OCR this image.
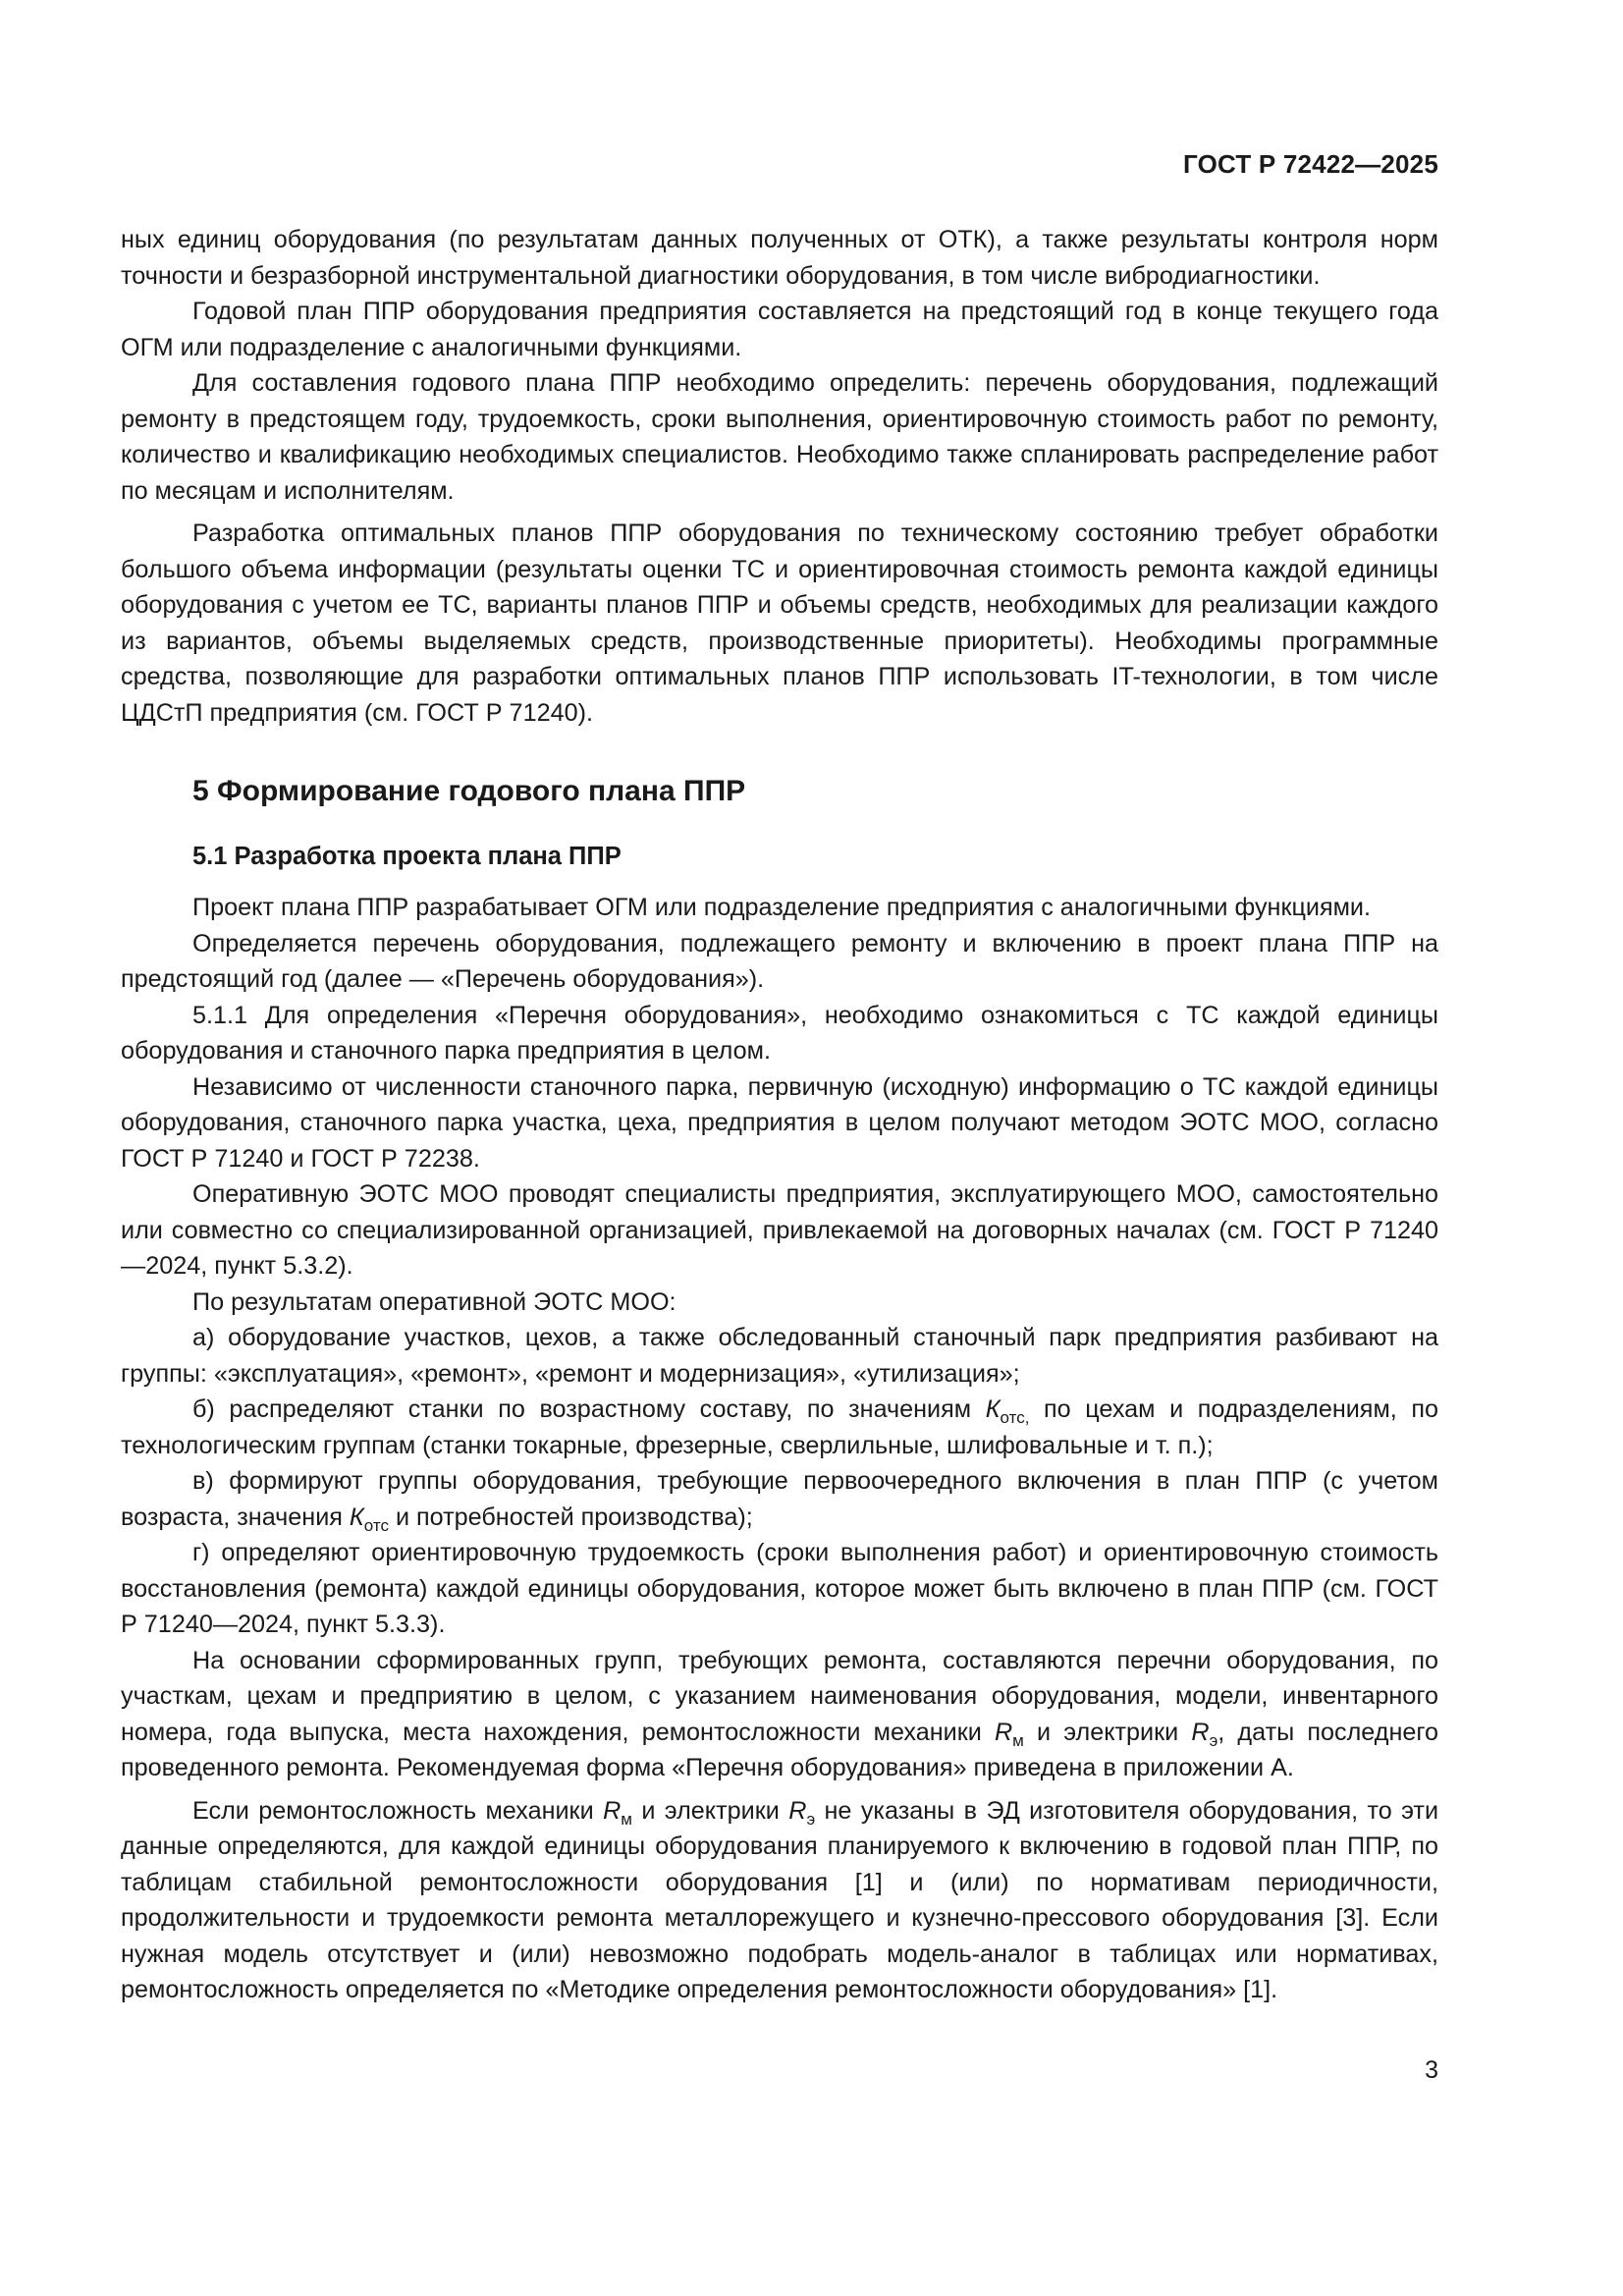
ГОСТ Р 72422—2025

ных единиц оборудования (по результатам данных полученных от ОТК), а также результаты контроля норм точности и безразборной инструментальной диагностики оборудования, в том числе вибродиагностики.

Годовой план ППР оборудования предприятия составляется на предстоящий год в конце текущего года ОГМ или подразделение с аналогичными функциями.

Для составления годового плана ППР необходимо определить: перечень оборудования, подлежащий ремонту в предстоящем году, трудоемкость, сроки выполнения, ориентировочную стоимость работ по ремонту, количество и квалификацию необходимых специалистов. Необходимо также спланировать распределение работ по месяцам и исполнителям.

Разработка оптимальных планов ППР оборудования по техническому состоянию требует обработки большого объема информации (результаты оценки ТС и ориентировочная стоимость ремонта каждой единицы оборудования с учетом ее ТС, варианты планов ППР и объемы средств, необходимых для реализации каждого из вариантов, объемы выделяемых средств, производственные приоритеты). Необходимы программные средства, позволяющие для разработки оптимальных планов ППР использовать IT-технологии, в том числе ЦДСтП предприятия (см. ГОСТ Р 71240).

5 Формирование годового плана ППР
5.1 Разработка проекта плана ППР

Проект плана ППР разрабатывает ОГМ или подразделение предприятия с аналогичными функциями.

Определяется перечень оборудования, подлежащего ремонту и включению в проект плана ППР на предстоящий год (далее — «Перечень оборудования»).

5.1.1 Для определения «Перечня оборудования», необходимо ознакомиться с ТС каждой единицы оборудования и станочного парка предприятия в целом.

Независимо от численности станочного парка, первичную (исходную) информацию о ТС каждой единицы оборудования, станочного парка участка, цеха, предприятия в целом получают методом ЭОТС МОО, согласно ГОСТ Р 71240 и ГОСТ Р 72238.

Оперативную ЭОТС МОО проводят специалисты предприятия, эксплуатирующего МОО, самостоятельно или совместно со специализированной организацией, привлекаемой на договорных началах (см. ГОСТ Р 71240—2024, пункт 5.3.2).

По результатам оперативной ЭОТС МОО:

а) оборудование участков, цехов, а также обследованный станочный парк предприятия разбивают на группы: «эксплуатация», «ремонт», «ремонт и модернизация», «утилизация»;

б) распределяют станки по возрастному составу, по значениям $К_{отс,}$ по цехам и подразделениям, по технологическим группам (станки токарные, фрезерные, сверлильные, шлифовальные и т. п.);

в) формируют группы оборудования, требующие первоочередного включения в план ППР (с учетом возраста, значения $К_{отс}$ и потребностей производства);

г) определяют ориентировочную трудоемкость (сроки выполнения работ) и ориентировочную стоимость восстановления (ремонта) каждой единицы оборудования, которое может быть включено в план ППР (см. ГОСТ Р 71240—2024, пункт 5.3.3).

На основании сформированных групп, требующих ремонта, составляются перечни оборудования, по участкам, цехам и предприятию в целом, с указанием наименования оборудования, модели, инвентарного номера, года выпуска, места нахождения, ремонтосложности механики $R_м$ и электрики $R_э$, даты последнего проведенного ремонта. Рекомендуемая форма «Перечня оборудования» приведена в приложении А.

Если ремонтосложность механики $R_м$ и электрики $R_э$ не указаны в ЭД изготовителя оборудования, то эти данные определяются, для каждой единицы оборудования планируемого к включению в годовой план ППР, по таблицам стабильной ремонтосложности оборудования [1] и (или) по нормативам периодичности, продолжительности и трудоемкости ремонта металлорежущего и кузнечно-прессового оборудования [3]. Если нужная модель отсутствует и (или) невозможно подобрать модель-аналог в таблицах или нормативах, ремонтосложность определяется по «Методике определения ремонтосложности оборудования» [1].

3
